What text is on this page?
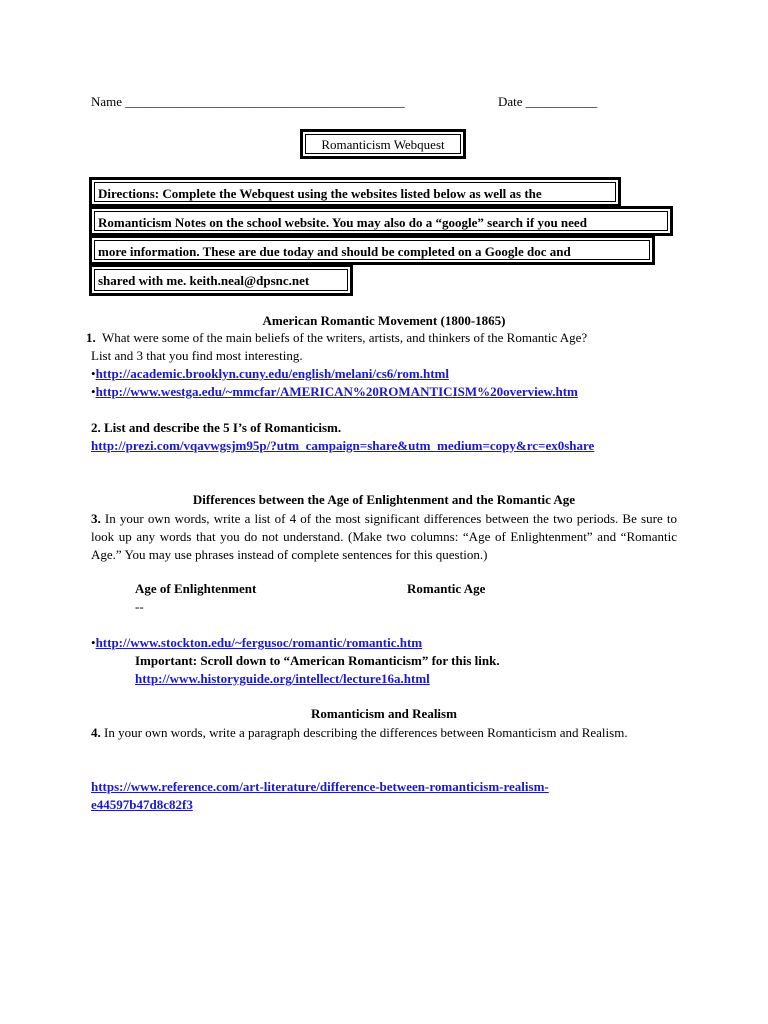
Name ___________________________________________	Date ___________
Romanticism Webquest
Directions: Complete the Webquest using the websites listed below as well as the
Romanticism Notes on the school website. You may also do a “google” search if you need
more information. These are due today and should be completed on a Google doc and
shared with me. keith.neal@dpsnc.net
American Romantic Movement (1800-1865)
1. What were some of the main beliefs of the writers, artists, and thinkers of the Romantic Age?
List and 3 that you find most interesting.
•http://academic.brooklyn.cuny.edu/english/melani/cs6/rom.html
•http://www.westga.edu/~mmcfar/AMERICAN%20ROMANTICISM%20overview.htm
2. List and describe the 5 I’s of Romanticism.
http://prezi.com/vqavwgsjm95p/?utm_campaign=share&utm_medium=copy&rc=ex0share
Differences between the Age of Enlightenment and the Romantic Age
3. In your own words, write a list of 4 of the most significant differences between the two periods. Be sure to look up any words that you do not understand. (Make two columns: “Age of Enlightenment” and “Romantic Age.” You may use phrases instead of complete sentences for this question.)
Age of Enlightenment	Romantic Age
--
•http://www.stockton.edu/~fergusoc/romantic/romantic.htm
Important: Scroll down to “American Romanticism” for this link.
http://www.historyguide.org/intellect/lecture16a.html
Romanticism and Realism
4. In your own words, write a paragraph describing the differences between Romanticism and Realism.
https://www.reference.com/art-literature/difference-between-romanticism-realism-
e44597b47d8c82f3
